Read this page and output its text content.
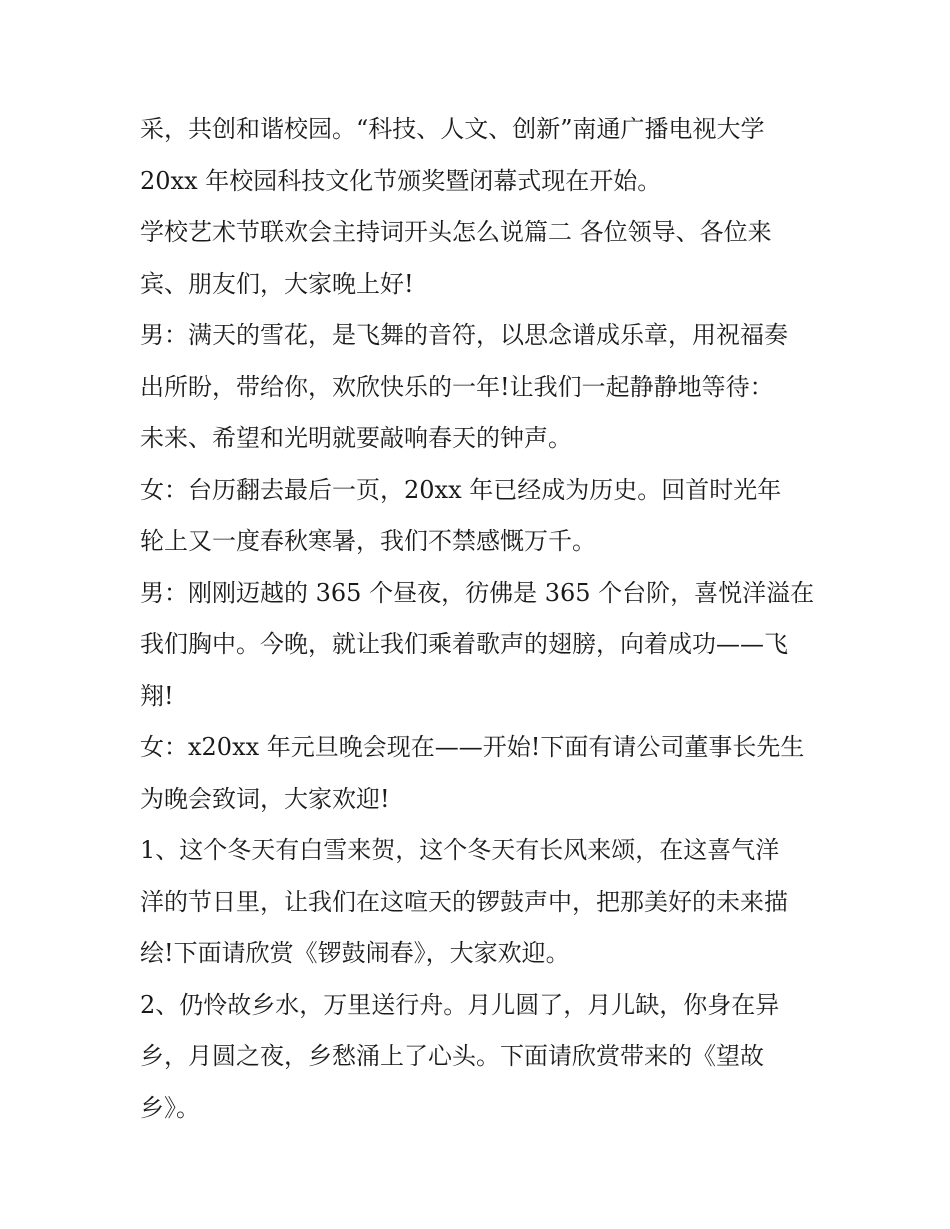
采，共创和谐校园。“科技、人文、创新”南通广播电视大学
20xx 年校园科技文化节颁奖暨闭幕式现在开始。

学校艺术节联欢会主持词开头怎么说篇二 各位领导、各位来
宾、朋友们，大家晚上好!

男：满天的雪花，是飞舞的音符，以思念谱成乐章，用祝福奏
出所盼，带给你，欢欣快乐的一年!让我们一起静静地等待：
未来、希望和光明就要敲响春天的钟声。

女：台历翻去最后一页，20xx 年已经成为历史。回首时光年
轮上又一度春秋寒暑，我们不禁感慨万千。

男：刚刚迈越的 365 个昼夜，彷佛是 365 个台阶，喜悦洋溢在
我们胸中。今晚，就让我们乘着歌声的翅膀，向着成功——飞
翔!

女：x20xx 年元旦晚会现在——开始!下面有请公司董事长先生
为晚会致词，大家欢迎!

1、这个冬天有白雪来贺，这个冬天有长风来颂，在这喜气洋
洋的节日里，让我们在这喧天的锣鼓声中，把那美好的未来描
绘!下面请欣赏《锣鼓闹春》，大家欢迎。

2、仍怜故乡水，万里送行舟。月儿圆了，月儿缺，你身在异
乡，月圆之夜，乡愁涌上了心头。下面请欣赏带来的《望故
乡》。
